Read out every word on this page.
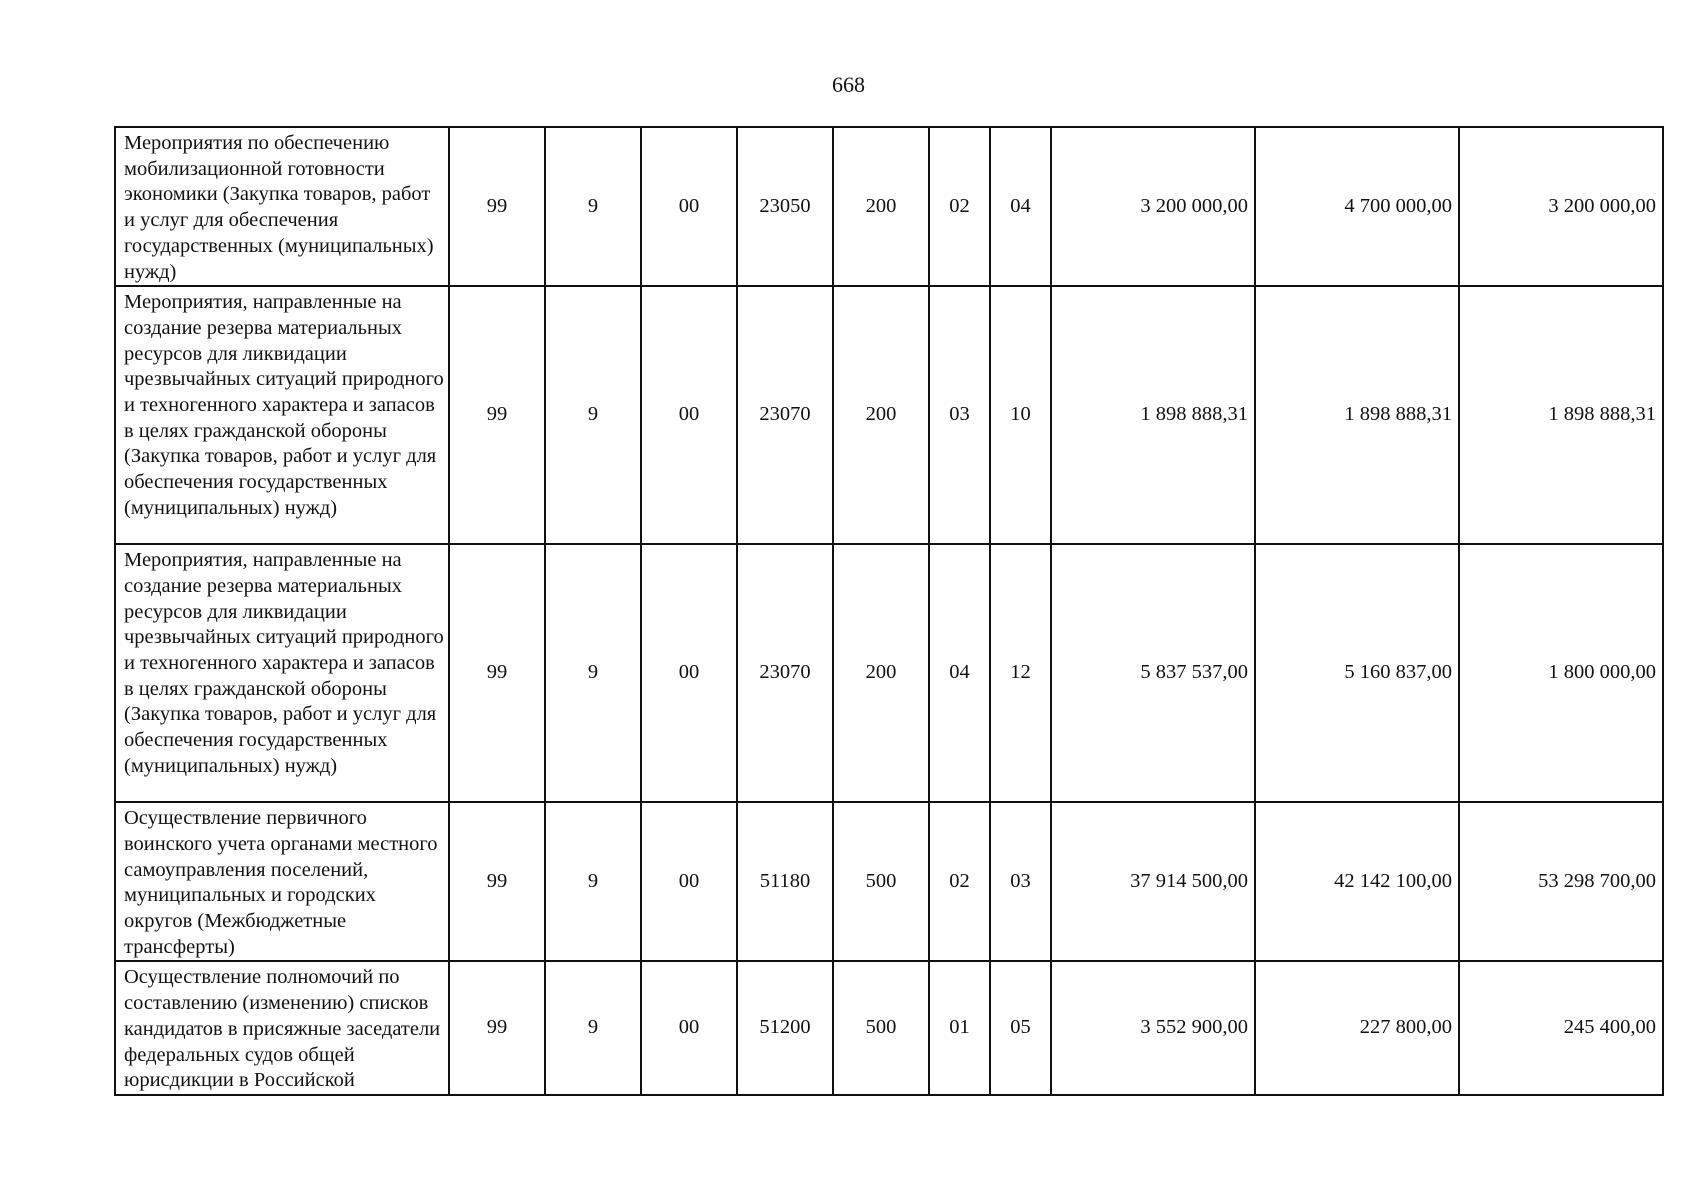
668
Мероприятия по обеспечению мобилизационной готовности экономики (Закупка товаров, работ и услуг для обеспечения государственных (муниципальных) нужд)	99	9	00	23050	200	02	04	3 200 000,00	4 700 000,00	3 200 000,00
Мероприятия, направленные на создание резерва материальных ресурсов для ликвидации чрезвычайных ситуаций природного и техногенного характера и запасов в целях гражданской обороны (Закупка товаров, работ и услуг для обеспечения государственных (муниципальных) нужд)	99	9	00	23070	200	03	10	1 898 888,31	1 898 888,31	1 898 888,31
Мероприятия, направленные на создание резерва материальных ресурсов для ликвидации чрезвычайных ситуаций природного и техногенного характера и запасов в целях гражданской обороны (Закупка товаров, работ и услуг для обеспечения государственных (муниципальных) нужд)	99	9	00	23070	200	04	12	5 837 537,00	5 160 837,00	1 800 000,00
Осуществление первичного воинского учета органами местного самоуправления поселений, муниципальных и городских округов (Межбюджетные трансферты)	99	9	00	51180	500	02	03	37 914 500,00	42 142 100,00	53 298 700,00
Осуществление полномочий по составлению (изменению) списков кандидатов в присяжные заседатели федеральных судов общей юрисдикции в Российской	99	9	00	51200	500	01	05	3 552 900,00	227 800,00	245 400,00
